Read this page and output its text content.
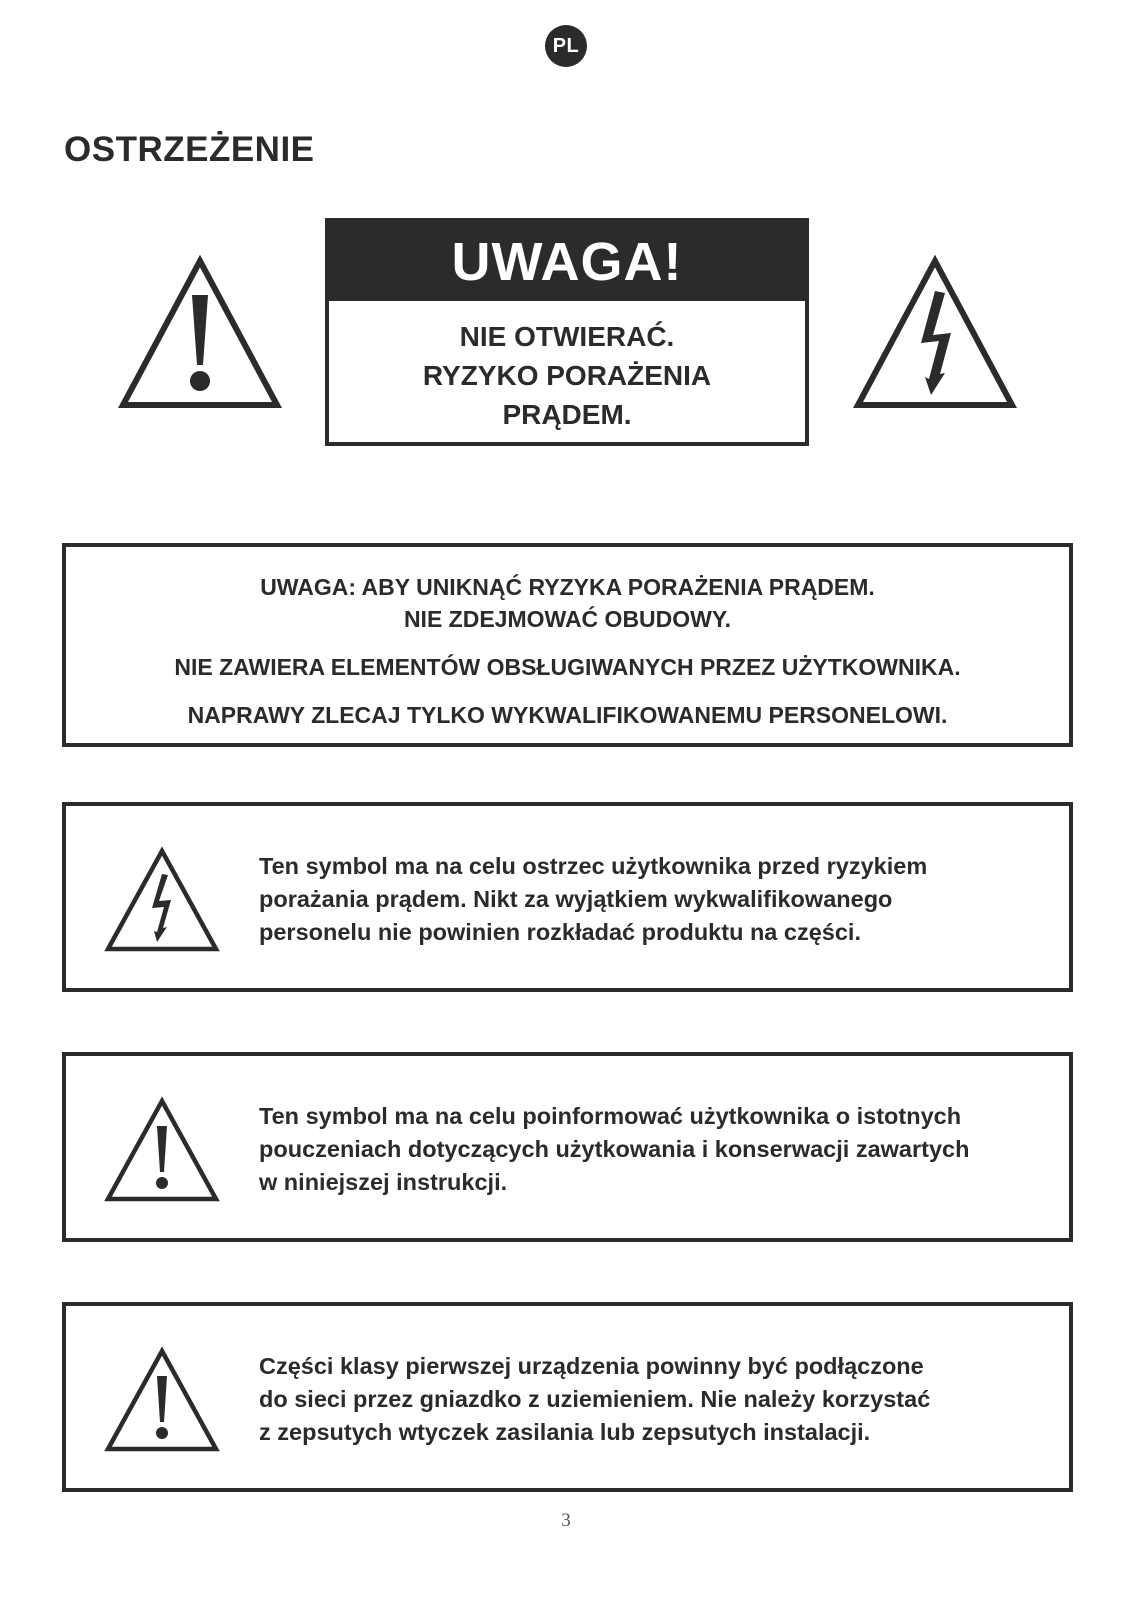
PL
OSTRZEŻENIE
UWAGA!
NIE OTWIERAĆ.
RYZYKO PORAŻENIA
PRĄDEM.
UWAGA: ABY UNIKNĄĆ RYZYKA PORAŻENIA PRĄDEM.
NIE ZDEJMOWAĆ OBUDOWY.
NIE ZAWIERA ELEMENTÓW OBSŁUGIWANYCH PRZEZ UŻYTKOWNIKA.
NAPRAWY ZLECAJ TYLKO WYKWALIFIKOWANEMU PERSONELOWI.
Ten symbol ma na celu ostrzec użytkownika przed ryzykiem
porażania prądem. Nikt za wyjątkiem wykwalifikowanego
personelu nie powinien rozkładać produktu na części.
Ten symbol ma na celu poinformować użytkownika o istotnych
pouczeniach dotyczących użytkowania i konserwacji zawartych
w niniejszej instrukcji.
Części klasy pierwszej urządzenia powinny być podłączone
do sieci przez gniazdko z uziemieniem. Nie należy korzystać
z zepsutych wtyczek zasilania lub zepsutych instalacji.
3
